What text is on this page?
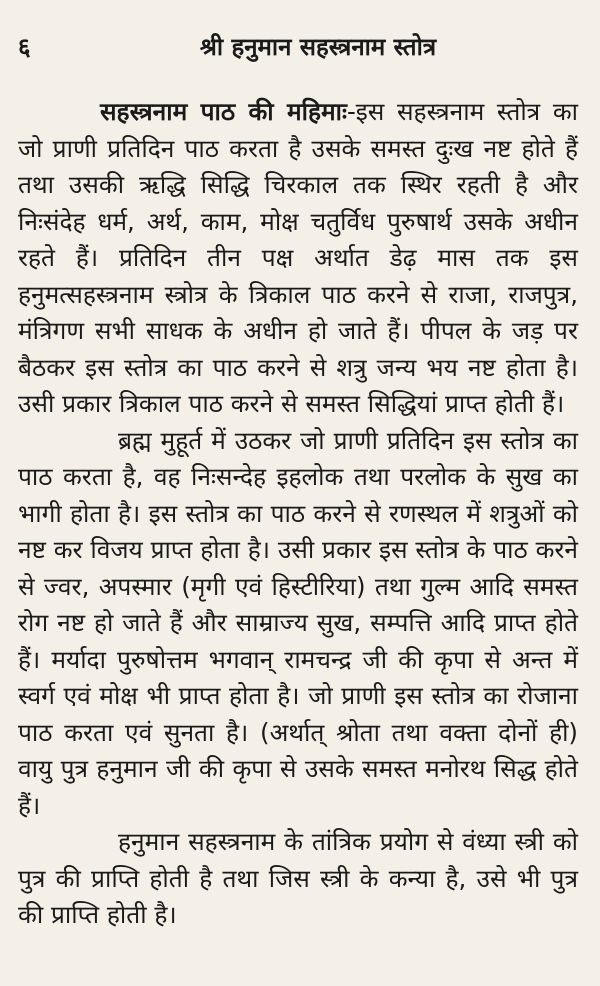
६	श्री हनुमान सहस्त्रनाम स्तोत्र

सहस्त्रनाम पाठ की महिमाः-इस सहस्त्रनाम स्तोत्र का जो प्राणी प्रतिदिन पाठ करता है उसके समस्त दुःख नष्ट होते हैं तथा उसकी ऋद्धि सिद्धि चिरकाल तक स्थिर रहती है और निःसंदेह धर्म, अर्थ, काम, मोक्ष चतुर्विध पुरुषार्थ उसके अधीन रहते हैं। प्रतिदिन तीन पक्ष अर्थात डेढ़ मास तक इस हनुमत्सहस्त्रनाम स्त्रोत्र के त्रिकाल पाठ करने से राजा, राजपुत्र, मंत्रिगण सभी साधक के अधीन हो जाते हैं। पीपल के जड़ पर बैठकर इस स्तोत्र का पाठ करने से शत्रु जन्य भय नष्ट होता है। उसी प्रकार त्रिकाल पाठ करने से समस्त सिद्धियां प्राप्त होती हैं।

ब्रह्म मुहूर्त में उठकर जो प्राणी प्रतिदिन इस स्तोत्र का पाठ करता है, वह निःसन्देह इहलोक तथा परलोक के सुख का भागी होता है। इस स्तोत्र का पाठ करने से रणस्थल में शत्रुओं को नष्ट कर विजय प्राप्त होता है। उसी प्रकार इस स्तोत्र के पाठ करने से ज्वर, अपस्मार (मृगी एवं हिस्टीरिया) तथा गुल्म आदि समस्त रोग नष्ट हो जाते हैं और साम्राज्य सुख, सम्पत्ति आदि प्राप्त होते हैं। मर्यादा पुरुषोत्तम भगवान् रामचन्द्र जी की कृपा से अन्त में स्वर्ग एवं मोक्ष भी प्राप्त होता है। जो प्राणी इस स्तोत्र का रोजाना पाठ करता एवं सुनता है। (अर्थात् श्रोता तथा वक्ता दोनों ही) वायु पुत्र हनुमान जी की कृपा से उसके समस्त मनोरथ सिद्ध होते हैं।

हनुमान सहस्त्रनाम के तांत्रिक प्रयोग से वंध्या स्त्री को पुत्र की प्राप्ति होती है तथा जिस स्त्री के कन्या है, उसे भी पुत्र की प्राप्ति होती है।
